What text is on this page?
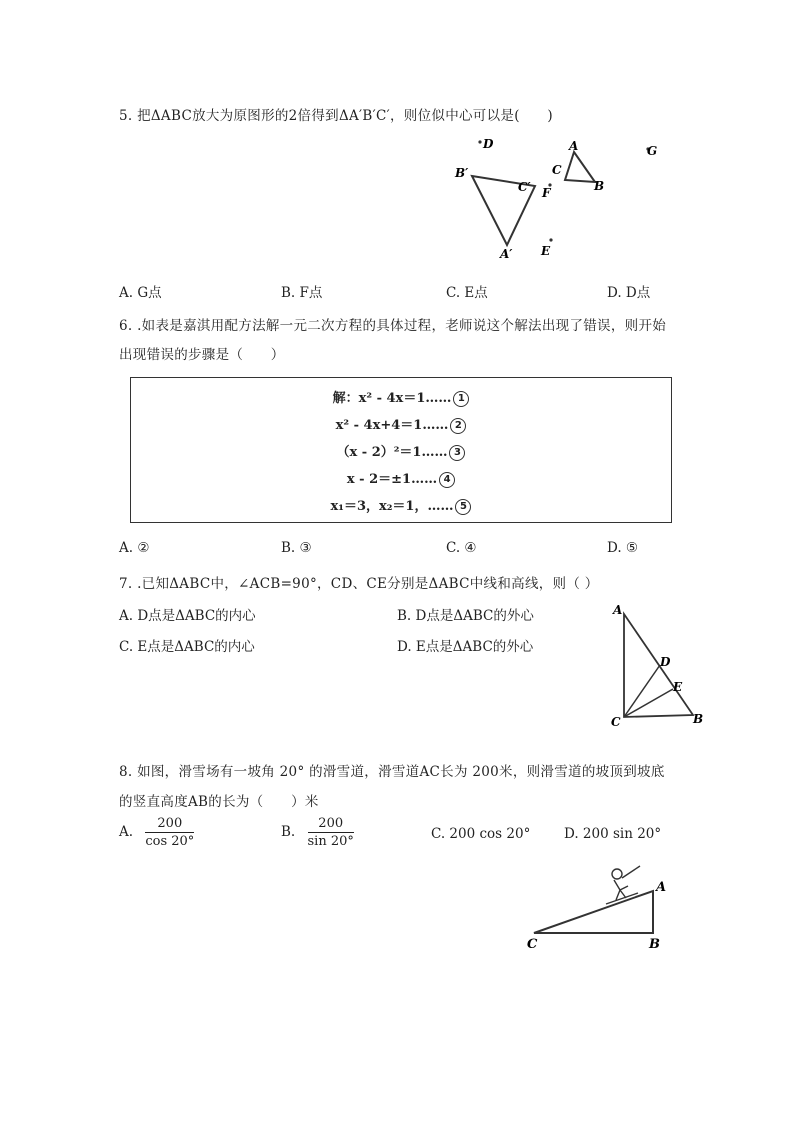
5. 把ΔABC放大为原图形的2倍得到ΔA′B′C′，则位似中心可以是(　　)
D
B′
C′
A′
C
A
B
F
E
G
A. G点	B. F点	C. E点	D. D点
6. .如表是嘉淇用配方法解一元二次方程的具体过程，老师说这个解法出现了错误，则开始
出现错误的步骤是（　　）
解：x² - 4x＝1…… 1
x² - 4x+4＝1…… 2
（x - 2）²＝1…… 3
x - 2＝±1…… 4
x₁＝3，x₂＝1，…… 5
A. ②	B. ③	C. ④	D. ⑤
7. .已知ΔABC中，∠ACB=90°，CD、CE分别是ΔABC中线和高线，则（ ）
A. D点是ΔABC的内心	B. D点是ΔABC的外心
C. E点是ΔABC的内心	D. E点是ΔABC的外心
A
D
E
C	B
8. 如图，滑雪场有一坡角 20° 的滑雪道，滑雪道AC长为 200米，则滑雪道的坡顶到坡底
的竖直高度AB的长为（　　）米
A. $\frac{200}{\cos 20^\circ}$	B. $\frac{200}{\sin 20^\circ}$	C. 200 cos 20° D. 200 sin 20°
A
B
C
